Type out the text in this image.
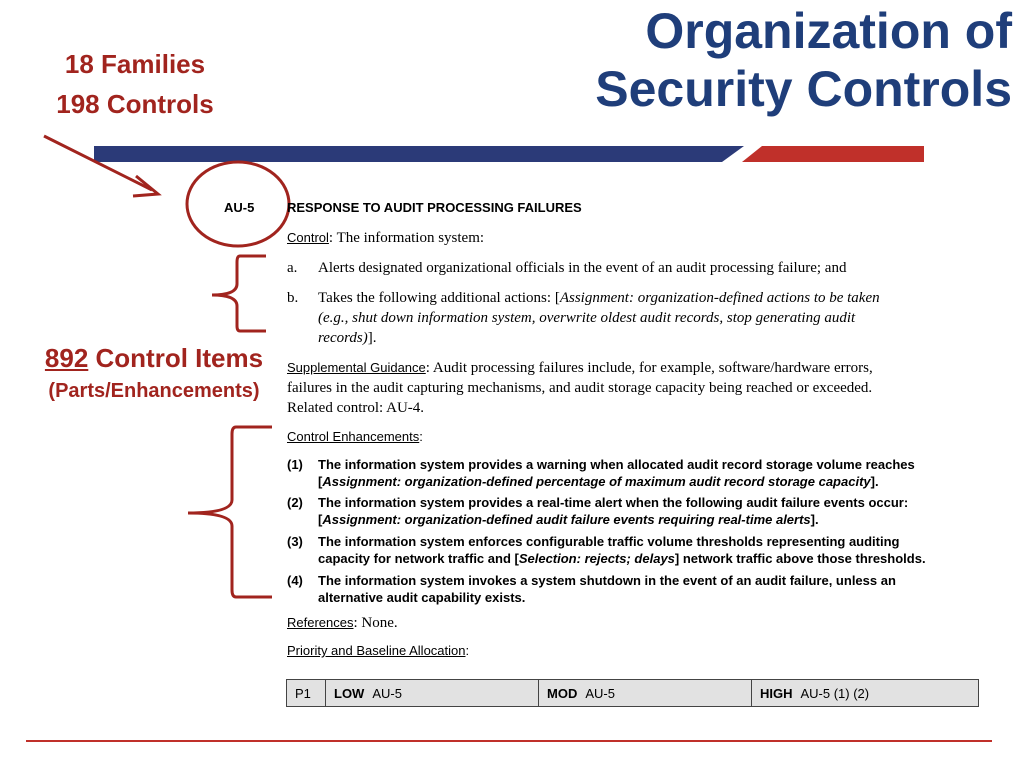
Organization of
Security Controls
18 Families
198 Controls
892 Control Items
(Parts/Enhancements)
AU-5	RESPONSE TO AUDIT PROCESSING FAILURES
Control: The information system:
a. Alerts designated organizational officials in the event of an audit processing failure; and
b. Takes the following additional actions: [Assignment: organization-defined actions to be taken
(e.g., shut down information system, overwrite oldest audit records, stop generating audit
records)].
Supplemental Guidance: Audit processing failures include, for example, software/hardware errors,
failures in the audit capturing mechanisms, and audit storage capacity being reached or exceeded.
Related control: AU-4.
Control Enhancements:
(1) The information system provides a warning when allocated audit record storage volume reaches
[Assignment: organization-defined percentage of maximum audit record storage capacity].
(2) The information system provides a real-time alert when the following audit failure events occur:
[Assignment: organization-defined audit failure events requiring real-time alerts].
(3) The information system enforces configurable traffic volume thresholds representing auditing
capacity for network traffic and [Selection: rejects; delays] network traffic above those thresholds.
(4) The information system invokes a system shutdown in the event of an audit failure, unless an
alternative audit capability exists.
References: None.
Priority and Baseline Allocation:
P1	LOW AU-5	MOD AU-5	HIGH AU-5 (1) (2)
